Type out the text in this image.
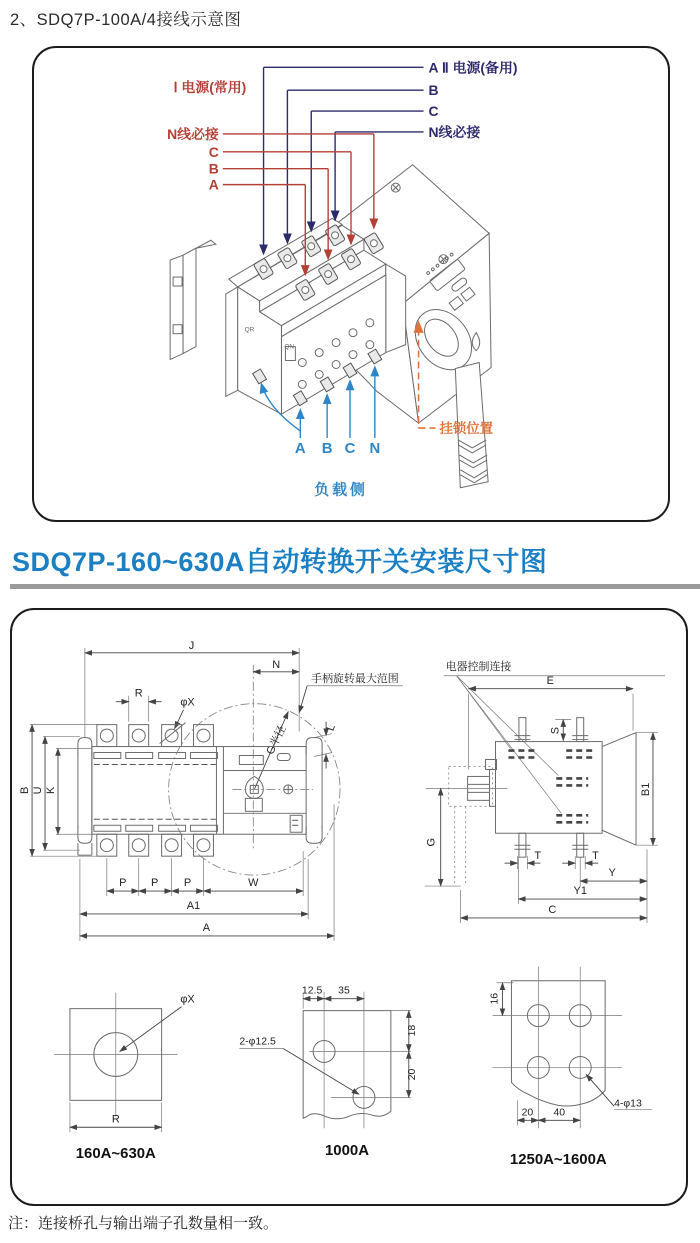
2、SDQ7P-100A/4接线示意图
QR
QN
A Ⅱ 电源(备用)
B
C
N线必接
Ⅰ 电源(常用)
N线必接
C
B
A
A B C N
负载侧
挂锁位置
SDQ7P-160~630A自动转换开关安装尺寸图
J
N
手柄旋转最大范围
G半径
R
φX
L
B U K
P P P	W
A1
A
电器控制连接
E
S
B1
G
T	T
Y
Y1
C
φX
R
160A~630A
12.5 35
18
20
2-φ12.5
1000A
16
20 40
4-φ13
1250A~1600A
注：连接桥孔与输出端子孔数量相一致。
